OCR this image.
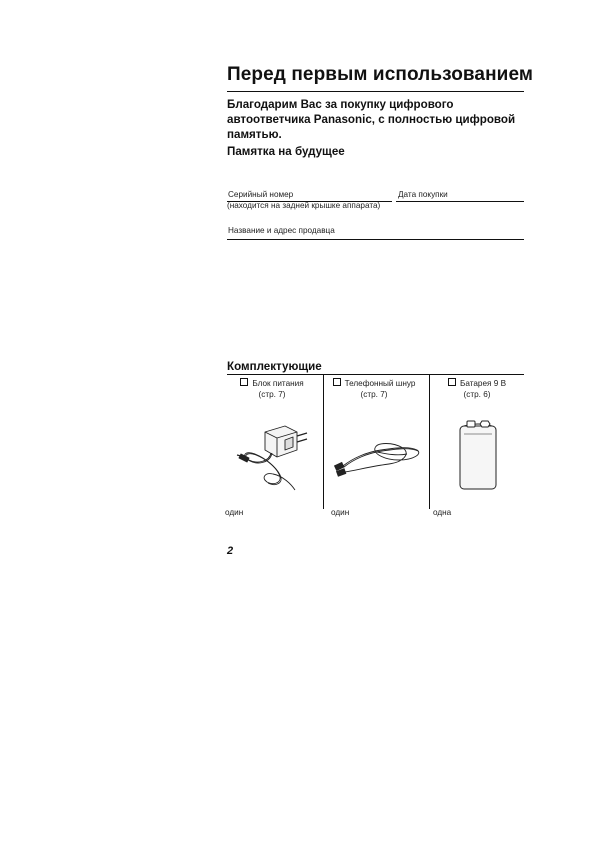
Перед первым использованием
Благодарим Вас за покупку цифрового автоответчика Panasonic, с полностью цифровой памятью.
Памятка на будущее
Серийный номер
(находится на задней крышке аппарата)
Дата покупки
Название и адрес продавца
Комплектующие
Блок питания
(стр. 7)
Телефонный шнур
(стр. 7)
Батарея 9 В
(стр. 6)
один	один	одна
2
